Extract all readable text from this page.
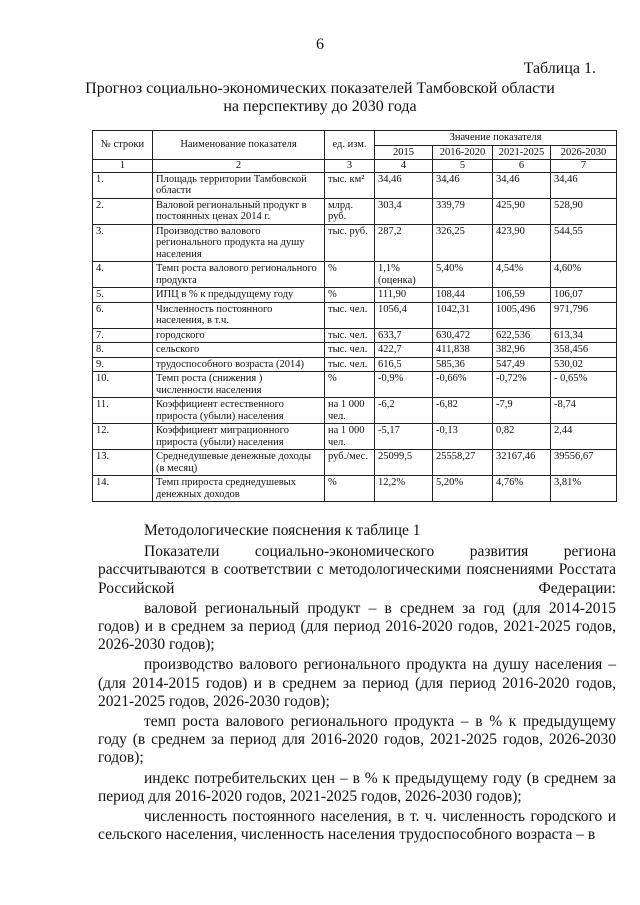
6
Таблица 1.
Прогноз социально-экономических показателей Тамбовской области
на перспективу до 2030 года
№ строки	Наименование показателя	ед. изм.	Значение показателя			
			2015	2016-2020	2021-2025	2026-2030
1	2	3	4	5	6	7
1.	Площадь территории Тамбовской области	тыс. км²	34,46	34,46	34,46	34,46
2.	Валовой региональный продукт в постоянных ценах 2014 г.	млрд. руб.	303,4	339,79	425,90	528,90
3.	Производство валового регионального продукта на душу населения	тыс. руб.	287,2	326,25	423,90	544,55
4.	Темп роста валового регионального продукта	%	1,1% (оценка)	5,40%	4,54%	4,60%
5.	ИПЦ в % к предыдущему году	%	111,90	108,44	106,59	106,07
6.	Численность постоянного населения, в т.ч.	тыс. чел.	1056,4	1042,31	1005,496	971,796
7.	городского	тыс. чел.	633,7	630,472	622,536	613,34
8.	сельского	тыс. чел.	422,7	411,838	382,96	358,456
9.	трудоспособного возраста (2014)	тыс. чел.	616,5	585,36	547,49	530,02
10.	Темп роста (снижения ) численности населения	%	-0,9%	-0,66%	-0,72%	- 0,65%
11.	Коэффициент естественного прироста (убыли) населения	на 1 000 чел.	-6,2	-6,82	-7,9	-8,74
12.	Коэффициент миграционного прироста (убыли) населения	на 1 000 чел.	-5,17	-0,13	0,82	2,44
13.	Среднедушевые денежные доходы (в месяц)	руб./мес.	25099,5	25558,27	32167,46	39556,67
14.	Темп прироста среднедушевых денежных доходов	%	12,2%	5,20%	4,76%	3,81%

Методологические пояснения к таблице 1

Показатели социально-экономического развития региона рассчитываются в соответствии с методологическими пояснениями Росстата Российской Федерации:

валовой региональный продукт – в среднем за год (для 2014-2015 годов) и в среднем за период (для период 2016-2020 годов, 2021-2025 годов, 2026-2030 годов);

производство валового регионального продукта на душу населения – (для 2014-2015 годов) и в среднем за период (для период 2016-2020 годов, 2021-2025 годов, 2026-2030 годов);

темп роста валового регионального продукта – в % к предыдущему году (в среднем за период для 2016-2020 годов, 2021-2025 годов, 2026-2030 годов);

индекс потребительских цен – в % к предыдущему году (в среднем за период для 2016-2020 годов, 2021-2025 годов, 2026-2030 годов);

численность постоянного населения, в т. ч. численность городского и сельского населения, численность населения трудоспособного возраста – в
